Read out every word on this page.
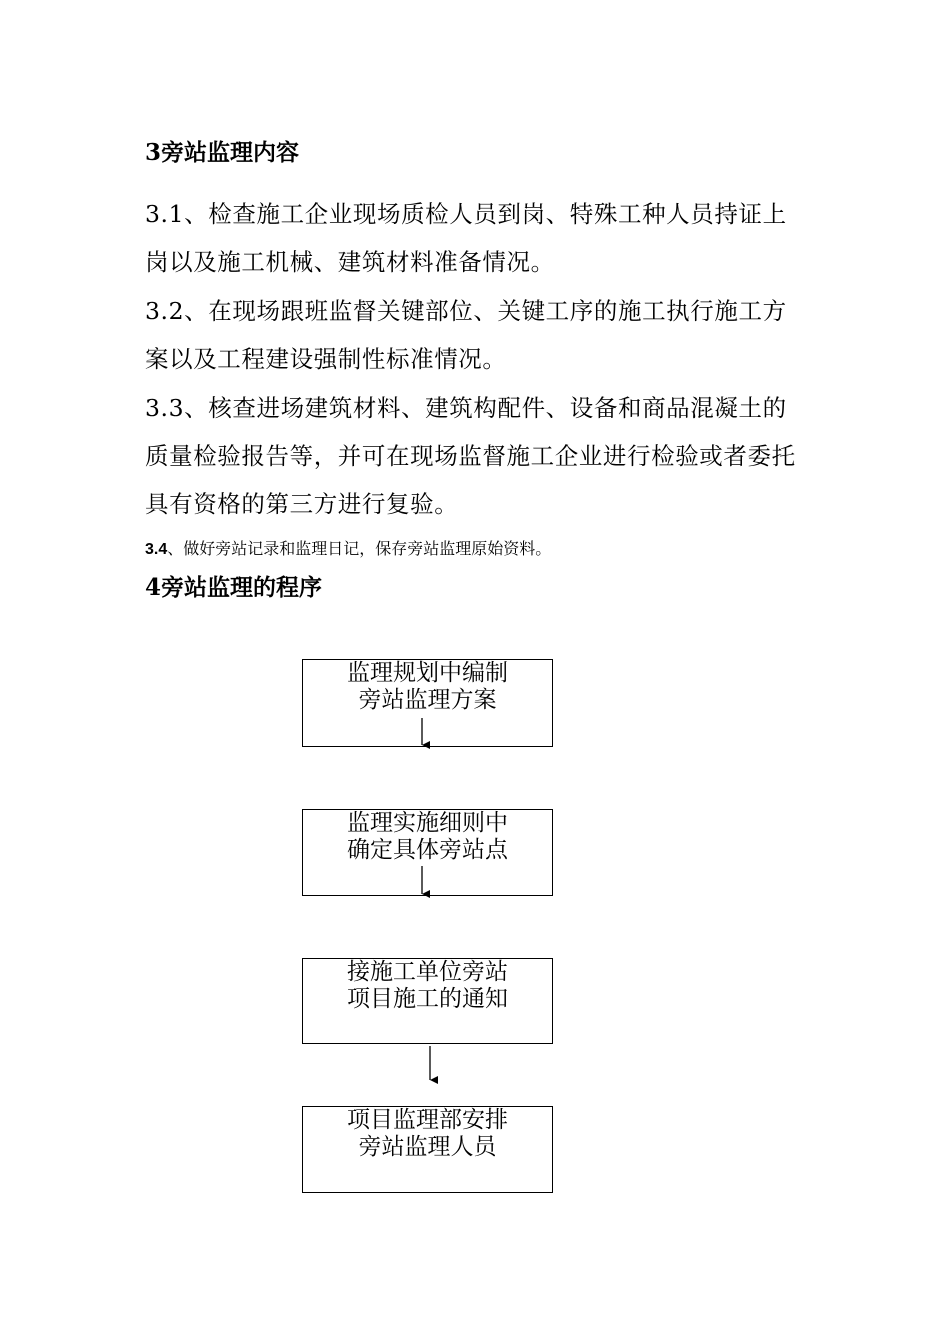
3旁站监理内容
3.1、检查施工企业现场质检人员到岗、特殊工种人员持证上岗以及施工机械、建筑材料准备情况。
3.2、在现场跟班监督关键部位、关键工序的施工执行施工方案以及工程建设强制性标准情况。
3.3、核查进场建筑材料、建筑构配件、设备和商品混凝土的质量检验报告等，并可在现场监督施工企业进行检验或者委托具有资格的第三方进行复验。
3.4、做好旁站记录和监理日记，保存旁站监理原始资料。
4旁站监理的程序
监理规划中编制
旁站监理方案
监理实施细则中
确定具体旁站点
接施工单位旁站
项目施工的通知
项目监理部安排
旁站监理人员
